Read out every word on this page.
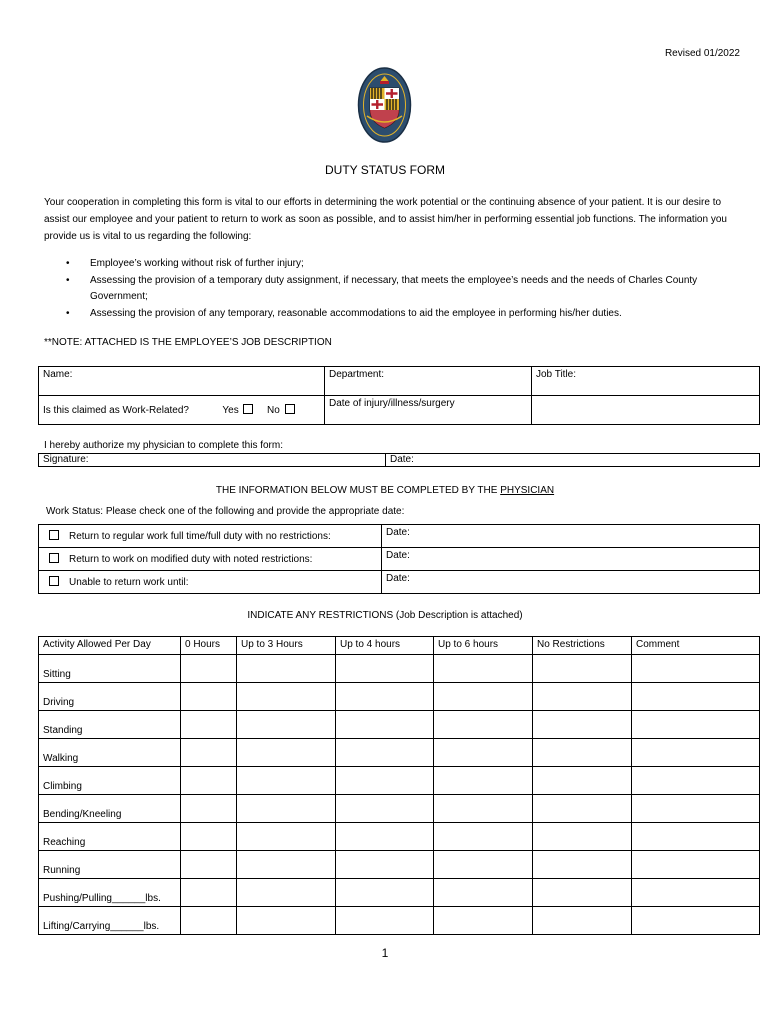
Revised 01/2022
DUTY STATUS FORM
Your cooperation in completing this form is vital to our efforts in determining the work potential or the continuing absence of your patient. It is our desire to assist our employee and your patient to return to work as soon as possible, and to assist him/her in performing essential job functions. The information you provide us is vital to us regarding the following:
• Employee’s working without risk of further injury;
• Assessing the provision of a temporary duty assignment, if necessary, that meets the employee’s needs and the needs of Charles County Government;
• Assessing the provision of any temporary, reasonable accommodations to aid the employee in performing his/her duties.
**NOTE: ATTACHED IS THE EMPLOYEE’S JOB DESCRIPTION
Name:	Department:	Job Title:
Is this claimed as Work-Related? Yes No	Date of injury/illness/surgery	
I hereby authorize my physician to complete this form:
Signature:	Date:
THE INFORMATION BELOW MUST BE COMPLETED BY THE PHYSICIAN
Work Status: Please check one of the following and provide the appropriate date:
Return to regular work full time/full duty with no restrictions:	Date:
Return to work on modified duty with noted restrictions:	Date:
Unable to return work until:	Date:
INDICATE ANY RESTRICTIONS (Job Description is attached)
Activity Allowed Per Day	0 Hours	Up to 3 Hours	Up to 4 hours	Up to 6 hours	No Restrictions	Comment
Sitting						
Driving						
Standing						
Walking						
Climbing						
Bending/Kneeling						
Reaching						
Running						
Pushing/Pulling______lbs.						
Lifting/Carrying______lbs.						
1
